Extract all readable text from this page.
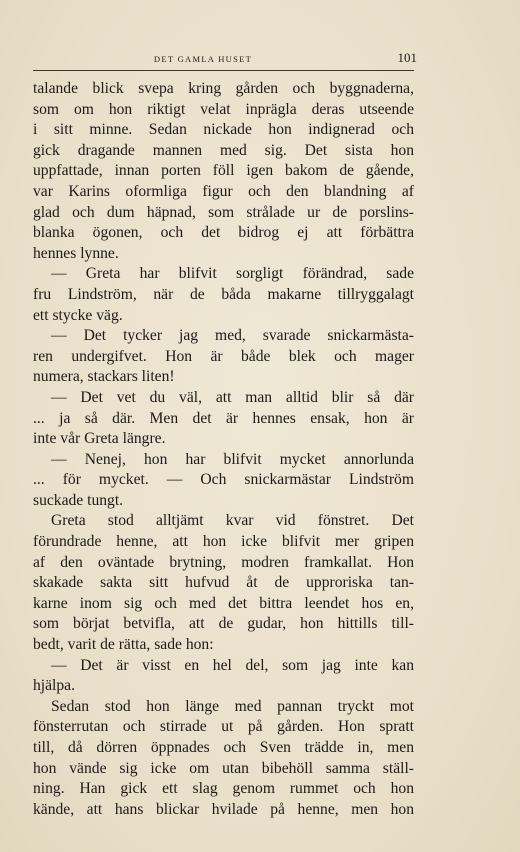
DET GAMLA HUSET	101
talande blick svepa kring gården och byggnaderna,
som om hon riktigt velat inprägla deras utseende
i sitt minne. Sedan nickade hon indignerad och
gick dragande mannen med sig. Det sista hon
uppfattade, innan porten föll igen bakom de gående,
var Karins oformliga figur och den blandning af
glad och dum häpnad, som strålade ur de porslins-
blanka ögonen, och det bidrog ej att förbättra
hennes lynne.
— Greta har blifvit sorgligt förändrad, sade
fru Lindström, när de båda makarne tillryggalagt
ett stycke väg.
— Det tycker jag med, svarade snickarmästa-
ren undergifvet. Hon är både blek och mager
numera, stackars liten!
— Det vet du väl, att man alltid blir så där
... ja så där. Men det är hennes ensak, hon är
inte vår Greta längre.
— Nenej, hon har blifvit mycket annorlunda
... för mycket. — Och snickarmästar Lindström
suckade tungt.
Greta stod alltjämt kvar vid fönstret. Det
förundrade henne, att hon icke blifvit mer gripen
af den oväntade brytning, modren framkallat. Hon
skakade sakta sitt hufvud åt de upproriska tan-
karne inom sig och med det bittra leendet hos en,
som börjat betvifla, att de gudar, hon hittills till-
bedt, varit de rätta, sade hon:
— Det är visst en hel del, som jag inte kan
hjälpa.
Sedan stod hon länge med pannan tryckt mot
fönsterrutan och stirrade ut på gården. Hon spratt
till, då dörren öppnades och Sven trädde in, men
hon vände sig icke om utan bibehöll samma ställ-
ning. Han gick ett slag genom rummet och hon
kände, att hans blickar hvilade på henne, men hon
